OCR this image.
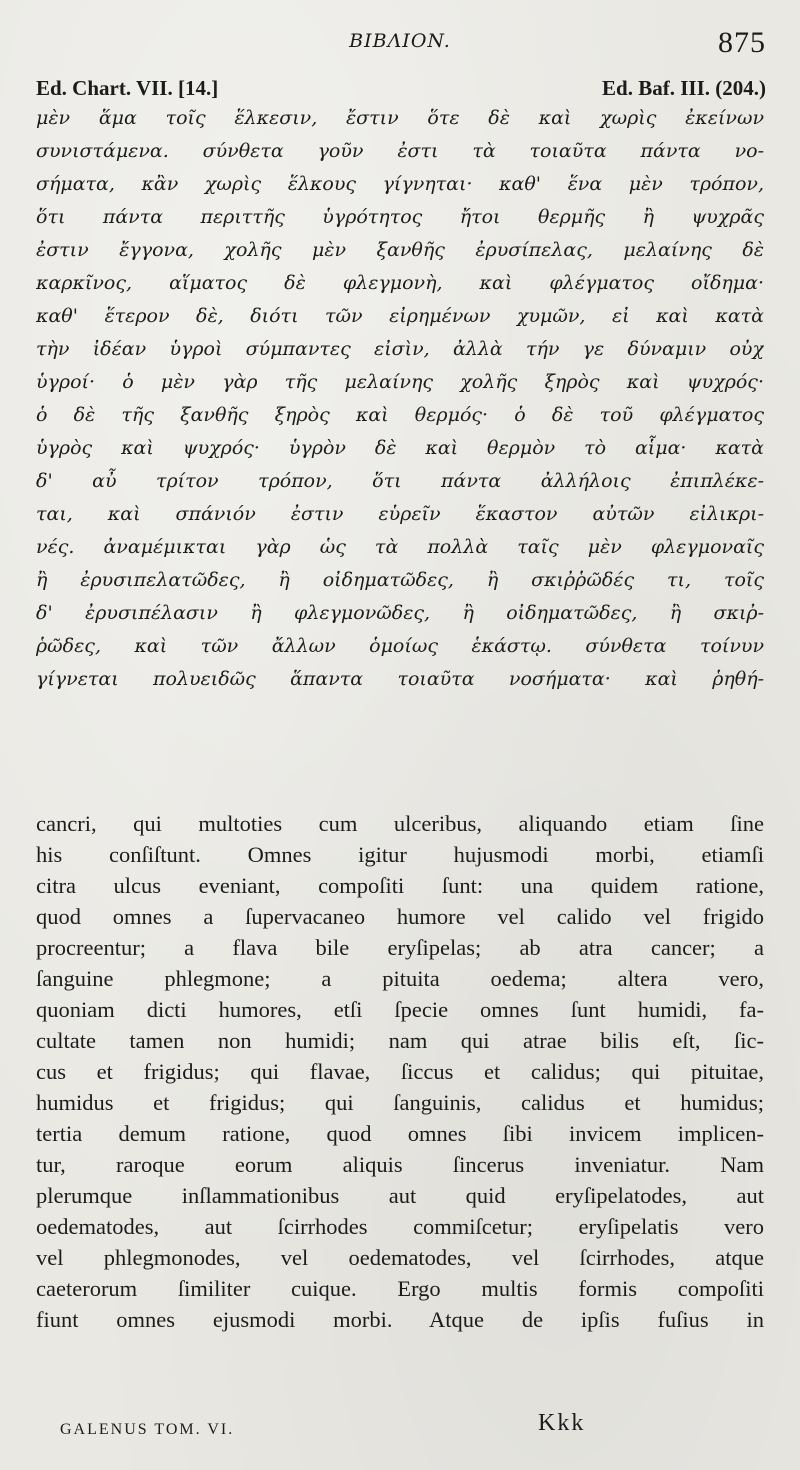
BIBΛION.	875
Ed. Chart. VII. [14.]	Ed. Baf. III. (204.)
μὲν ἅμα τοῖς ἕλκεσιν, ἔστιν ὅτε δὲ καὶ χωρὶς ἐκείνων
συνιστάμενα. σύνθετα γοῦν ἐστι τὰ τοιαῦτα πάντα νο-
σήματα, κἂν χωρὶς ἕλκους γίγνηται· καθ' ἕνα μὲν τρόπον,
ὅτι πάντα περιττῆς ὑγρότητος ἤτοι θερμῆς ἢ ψυχρᾶς
ἐστιν ἔγγονα, χολῆς μὲν ξανθῆς ἐρυσίπελας, μελαίνης δὲ
καρκῖνος, αἵματος δὲ φλεγμονὴ, καὶ φλέγματος οἴδημα·
καθ' ἕτερον δὲ, διότι τῶν εἰρημένων χυμῶν, εἰ καὶ κατὰ
τὴν ἰδέαν ὑγροὶ σύμπαντες εἰσὶν, ἀλλὰ τήν γε δύναμιν οὐχ
ὑγροί· ὁ μὲν γὰρ τῆς μελαίνης χολῆς ξηρὸς καὶ ψυχρός·
ὁ δὲ τῆς ξανθῆς ξηρὸς καὶ θερμός· ὁ δὲ τοῦ φλέγματος
ὑγρὸς καὶ ψυχρός· ὑγρὸν δὲ καὶ θερμὸν τὸ αἷμα· κατὰ
δ' αὖ τρίτον τρόπον, ὅτι πάντα ἀλλήλοις ἐπιπλέκε-
ται, καὶ σπάνιόν ἐστιν εὑρεῖν ἕκαστον αὐτῶν εἰλικρι-
νές. ἀναμέμικται γὰρ ὡς τὰ πολλὰ ταῖς μὲν φλεγμοναῖς
ἢ ἐρυσιπελατῶδες, ἢ οἰδηματῶδες, ἢ σκιῤῥῶδές τι, τοῖς
δ' ἐρυσιπέλασιν ἢ φλεγμονῶδες, ἢ οἰδηματῶδες, ἢ σκιῤ-
ῥῶδες, καὶ τῶν ἄλλων ὁμοίως ἑκάστῳ. σύνθετα τοίνυν
γίγνεται πολυειδῶς ἅπαντα τοιαῦτα νοσήματα· καὶ ῥηθή-
cancri, qui multoties cum ulceribus, aliquando etiam ſine
his conſiſtunt. Omnes igitur hujusmodi morbi, etiamſi
citra ulcus eveniant, compoſiti ſunt: una quidem ratione,
quod omnes a ſupervacaneo humore vel calido vel frigido
procreentur; a flava bile eryſipelas; ab atra cancer; a
ſanguine phlegmone; a pituita oedema; altera vero,
quoniam dicti humores, etſi ſpecie omnes ſunt humidi, fa-
cultate tamen non humidi; nam qui atrae bilis eſt, ſic-
cus et frigidus; qui flavae, ſiccus et calidus; qui pituitae,
humidus et frigidus; qui ſanguinis, calidus et humidus;
tertia demum ratione, quod omnes ſibi invicem implicen-
tur, raroque eorum aliquis ſincerus inveniatur. Nam
plerumque inſlammationibus aut quid eryſipelatodes, aut
oedematodes, aut ſcirrhodes commiſcetur; eryſipelatis vero
vel phlegmonodes, vel oedematodes, vel ſcirrhodes, atque
caeterorum ſimiliter cuique. Ergo multis formis compoſiti
fiunt omnes ejusmodi morbi. Atque de ipſis fuſius in
GALENUS TOM. VI.	Kkk
